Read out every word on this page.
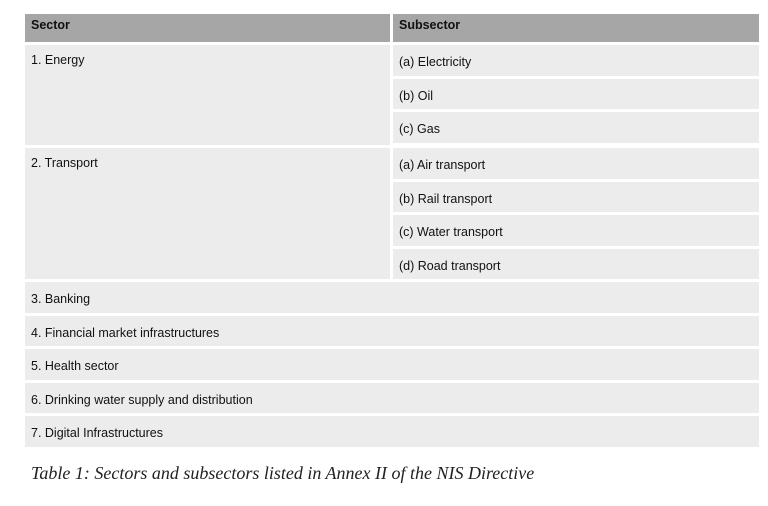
Sector	Subsector
1. Energy	(a) Electricity
(b) Oil
(c) Gas
2. Transport	(a) Air transport
(b) Rail transport
(c) Water transport
(d) Road transport
3. Banking
4. Financial market infrastructures
5. Health sector
6. Drinking water supply and distribution
7. Digital Infrastructures
Table 1: Sectors and subsectors listed in Annex II of the NIS Directive
